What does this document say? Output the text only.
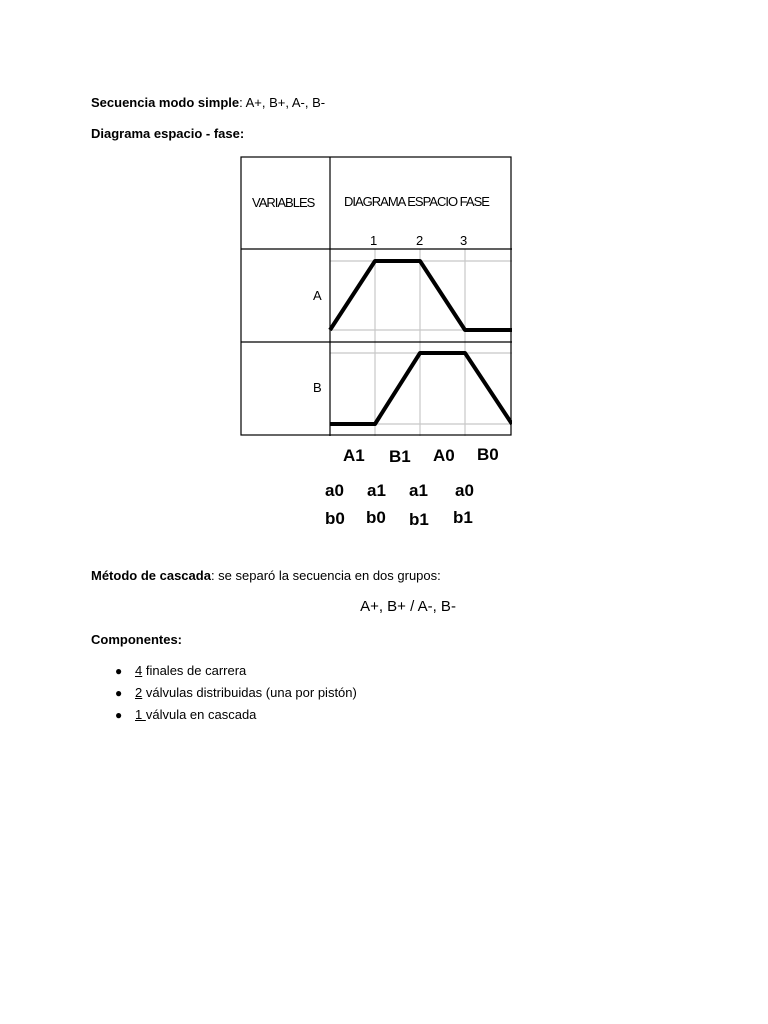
Secuencia modo simple: A+, B+, A-, B-
Diagrama espacio - fase:
VARIABLES DIAGRAMA ESPACIO FASE
1	2	3
A
B
A1 B1 A0 B0
a0 a1 a1 a0
b0 b0 b1 b1
Método de cascada: se separó la secuencia en dos grupos:
A+, B+ / A-, B-
Componentes:
● 4 finales de carrera
● 2 válvulas distribuidas (una por pistón)
● 1 válvula en cascada
